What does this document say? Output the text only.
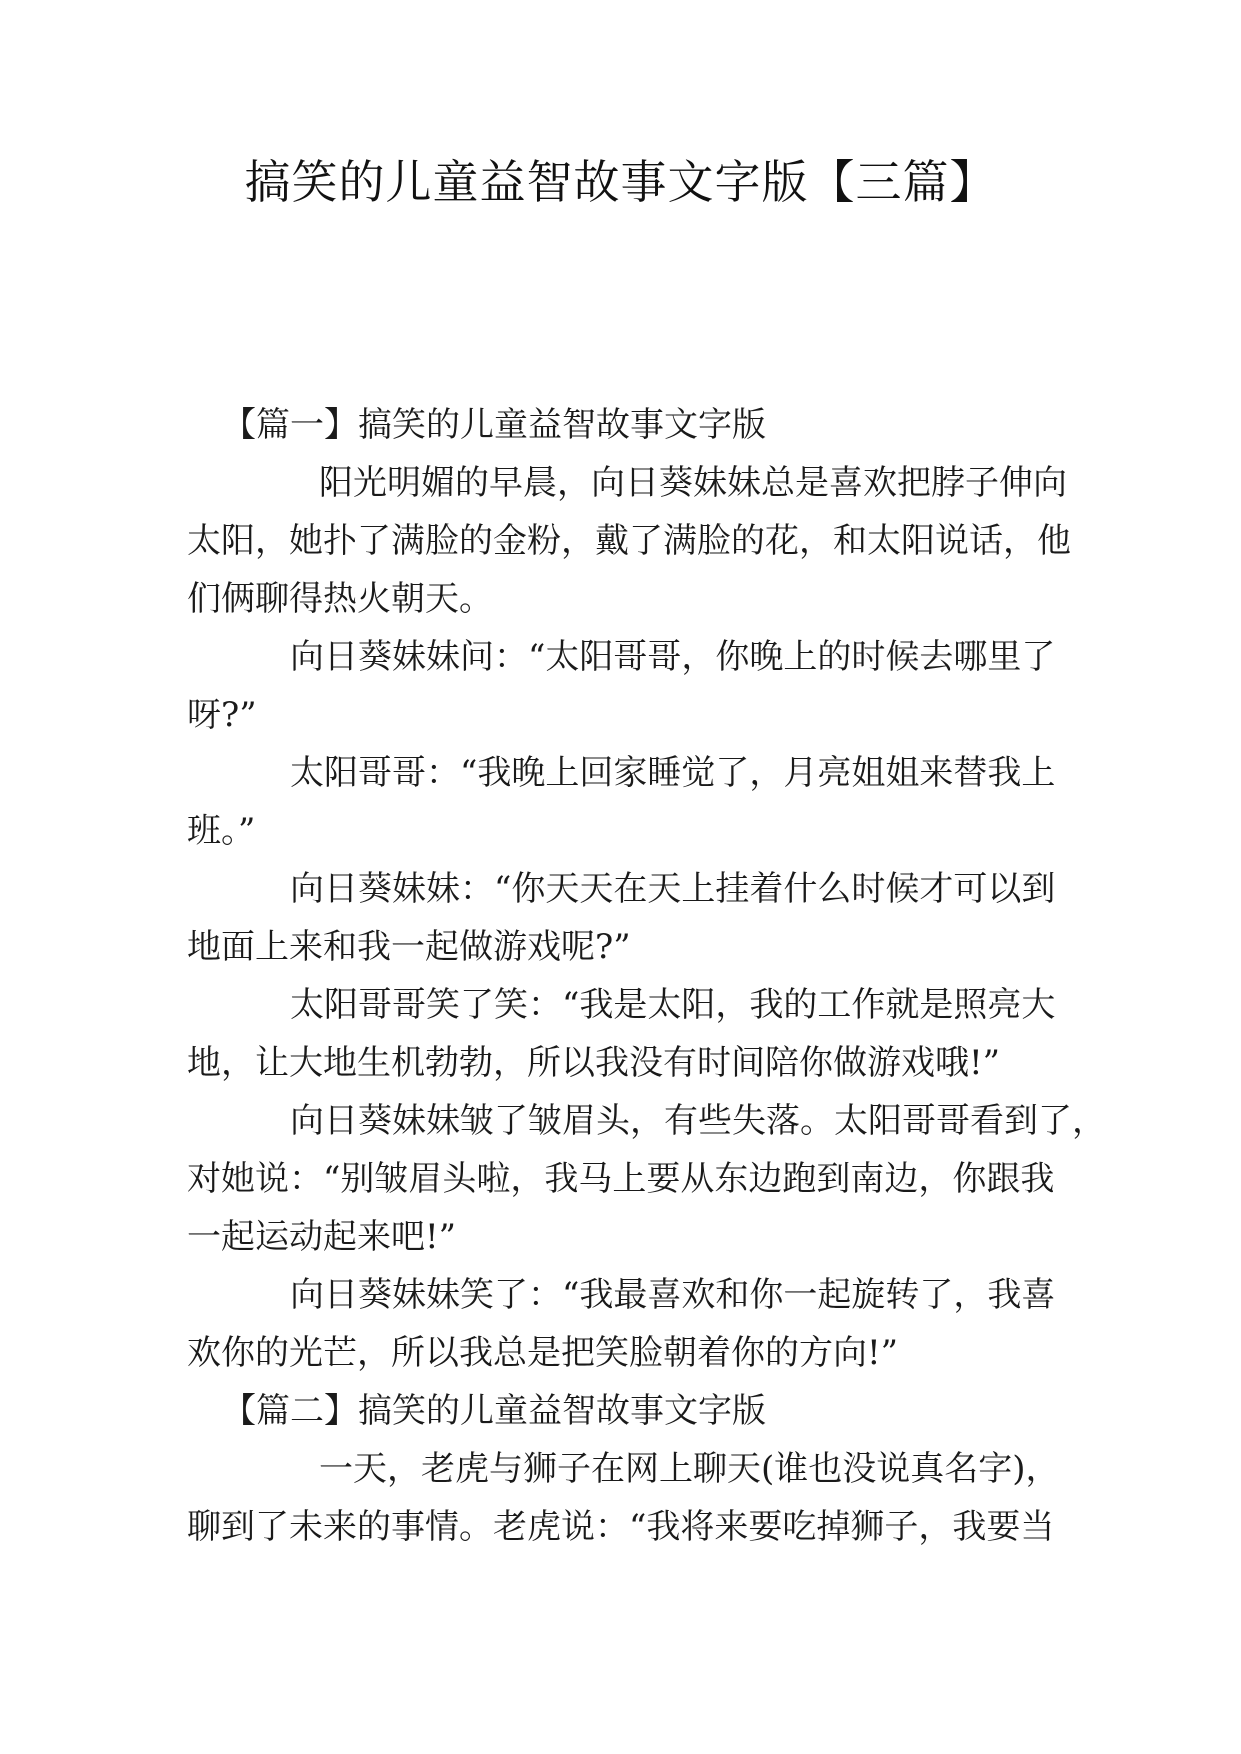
搞笑的儿童益智故事文字版【三篇】
【篇一】搞笑的儿童益智故事文字版
阳光明媚的早晨，向日葵妹妹总是喜欢把脖子伸向
太阳，她扑了满脸的金粉，戴了满脸的花，和太阳说话，他
们俩聊得热火朝天。
向日葵妹妹问：“太阳哥哥，你晚上的时候去哪里了
呀?”
太阳哥哥：“我晚上回家睡觉了，月亮姐姐来替我上
班。”
向日葵妹妹：“你天天在天上挂着什么时候才可以到
地面上来和我一起做游戏呢?”
太阳哥哥笑了笑：“我是太阳，我的工作就是照亮大
地，让大地生机勃勃，所以我没有时间陪你做游戏哦!”
向日葵妹妹皱了皱眉头，有些失落。太阳哥哥看到了，
对她说：“别皱眉头啦，我马上要从东边跑到南边，你跟我
一起运动起来吧!”
向日葵妹妹笑了：“我最喜欢和你一起旋转了，我喜
欢你的光芒，所以我总是把笑脸朝着你的方向!”
【篇二】搞笑的儿童益智故事文字版
一天，老虎与狮子在网上聊天(谁也没说真名字)，
聊到了未来的事情。老虎说：“我将来要吃掉狮子，我要当
